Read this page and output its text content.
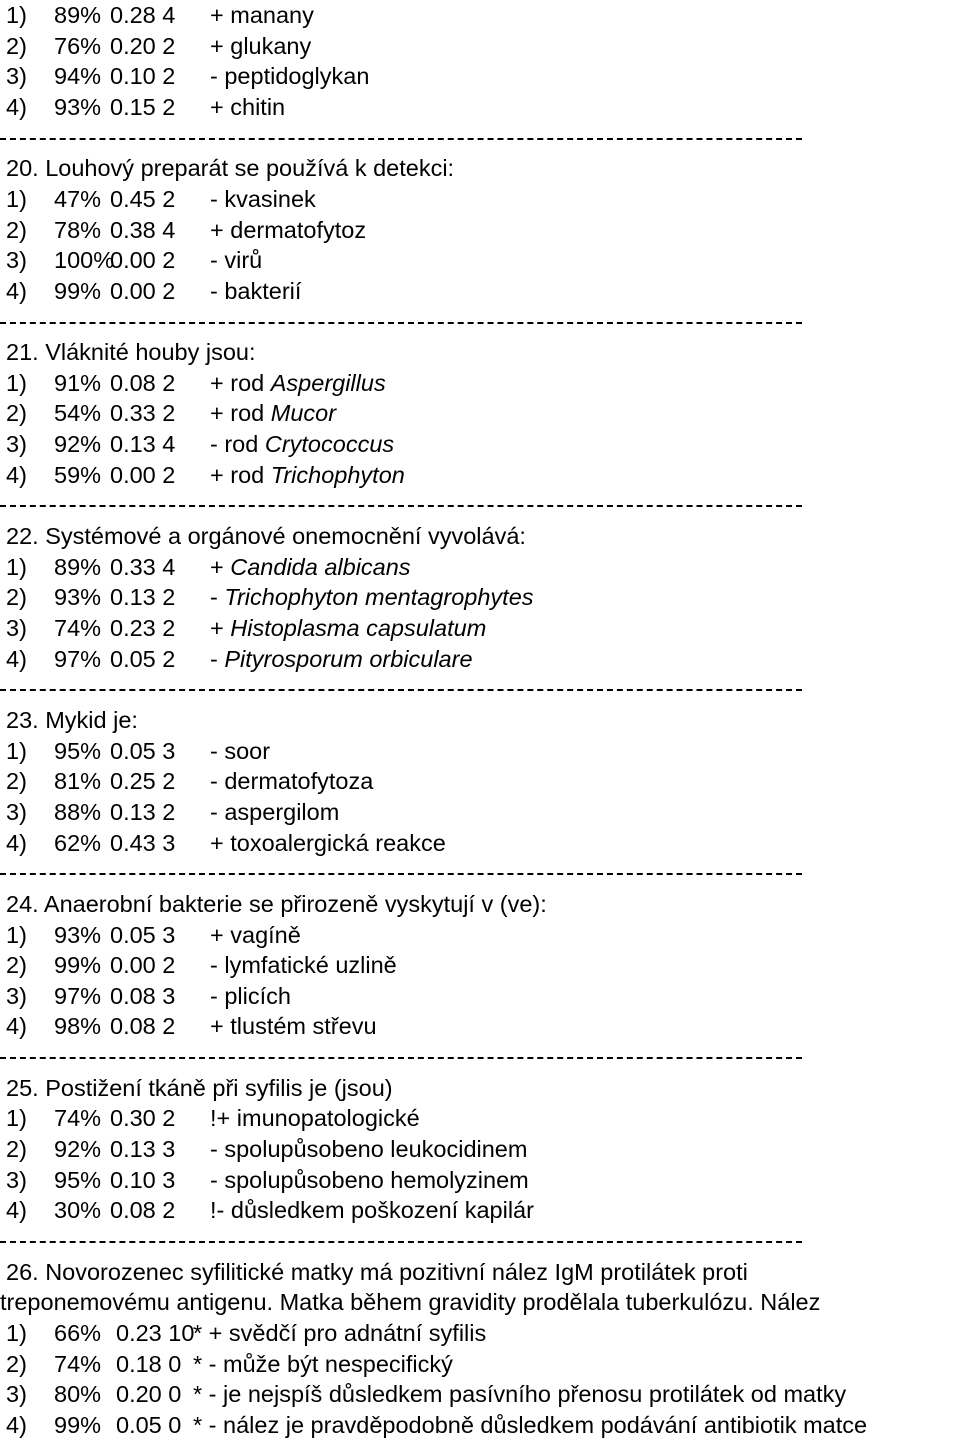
1) 89% 0.28 4 + manany
2) 76% 0.20 2 + glukany
3) 94% 0.10 2 - peptidoglykan
4) 93% 0.15 2 + chitin
20. Louhový preparát se používá k detekci:
1) 47% 0.45 2 - kvasinek
2) 78% 0.38 4 + dermatofytoz
3) 100%
0.00 2 - virů
4) 99% 0.00 2 - bakterií
21. Vláknité houby jsou:
1) 91% 0.08 2 + rod Aspergillus
2) 54% 0.33 2 + rod Mucor
3) 92% 0.13 4 - rod Crytococcus
4) 59% 0.00 2 + rod Trichophyton
22. Systémové a orgánové onemocnění vyvolává:
1) 89% 0.33 4 + Candida albicans
2) 93% 0.13 2 - Trichophyton mentagrophytes
3) 74% 0.23 2 + Histoplasma capsulatum
4) 97% 0.05 2 - Pityrosporum orbiculare
23. Mykid je:
1) 95% 0.05 3 - soor
2) 81% 0.25 2 - dermatofytoza
3) 88% 0.13 2 - aspergilom
4) 62% 0.43 3 + toxoalergická reakce
24. Anaerobní bakterie se přirozeně vyskytují v (ve):
1) 93% 0.05 3 + vagíně
2) 99% 0.00 2 - lymfatické uzlině
3) 97% 0.08 3 - plicích
4) 98% 0.08 2 + tlustém střevu
25. Postižení tkáně při syfilis je (jsou)
1) 74% 0.30 2 !+ imunopatologické
2) 92% 0.13 3 - spolupůsobeno leukocidinem
3) 95% 0.10 3 - spolupůsobeno hemolyzinem
4) 30% 0.08 2 !- důsledkem poškození kapilár
26. Novorozenec syfilitické matky má pozitivní nález IgM protilátek proti
treponemovému antigenu. Matka během gravidity prodělala tuberkulózu. Nález
1) 66% 0.23 10
* + svědčí pro adnátní syfilis
2) 74% 0.18 0 * - může být nespecifický
3) 80% 0.20 0 * - je nejspíš důsledkem pasívního přenosu protilátek od matky
4) 99% 0.05 0 * - nález je pravděpodobně důsledkem podávání antibiotik matce
